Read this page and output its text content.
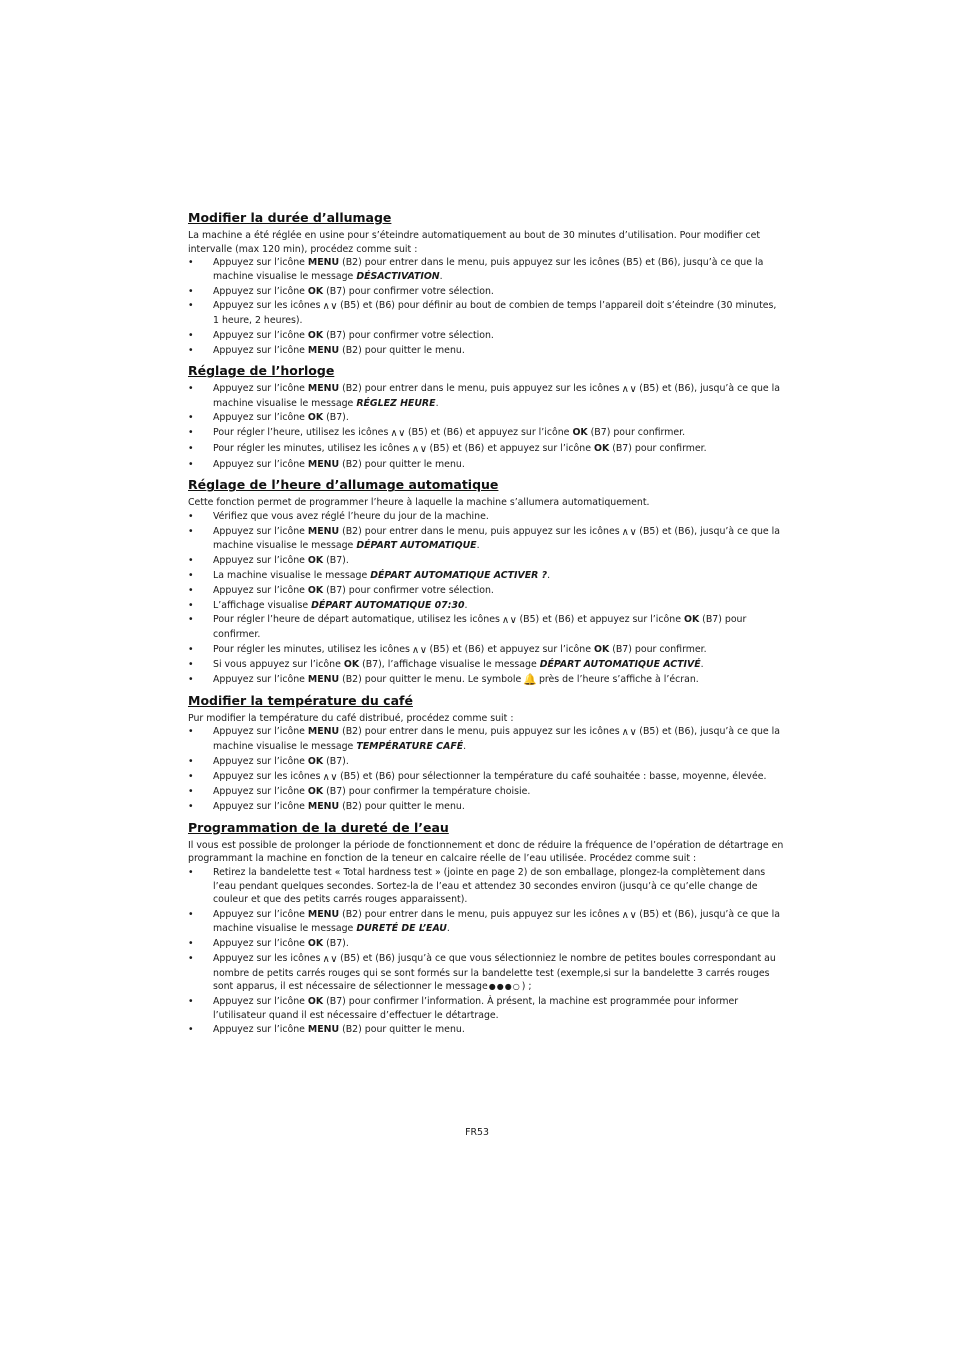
Modifier la durée d’allumage

La machine a été réglée en usine pour s’éteindre automatiquement au bout de 30 minutes d’utilisation. Pour modifier cet intervalle (max 120 min), procédez comme suit :

• Appuyez sur l’icône MENU (B2) pour entrer dans le menu, puis appuyez sur les icônes (B5) et (B6), jusqu’à ce que la machine visualise le message DÉSACTIVATION.
• Appuyez sur l’icône OK (B7) pour confirmer votre sélection.
• Appuyez sur les icônes ∧∨ (B5) et (B6) pour définir au bout de combien de temps l’appareil doit s’éteindre (30 minutes, 1 heure, 2 heures).
• Appuyez sur l’icône OK (B7) pour confirmer votre sélection.
• Appuyez sur l’icône MENU (B2) pour quitter le menu.
Réglage de l’horloge
• Appuyez sur l’icône MENU (B2) pour entrer dans le menu, puis appuyez sur les icônes ∧∨ (B5) et (B6), jusqu’à ce que la machine visualise le message RÉGLEZ HEURE.
• Appuyez sur l’icône OK (B7).
• Pour régler l’heure, utilisez les icônes ∧∨ (B5) et (B6) et appuyez sur l’icône OK (B7) pour confirmer.
• Pour régler les minutes, utilisez les icônes ∧∨ (B5) et (B6) et appuyez sur l’icône OK (B7) pour confirmer.
• Appuyez sur l’icône MENU (B2) pour quitter le menu.
Réglage de l’heure d’allumage automatique

Cette fonction permet de programmer l’heure à laquelle la machine s’allumera automatiquement.

• Vérifiez que vous avez réglé l’heure du jour de la machine.
• Appuyez sur l’icône MENU (B2) pour entrer dans le menu, puis appuyez sur les icônes ∧∨ (B5) et (B6), jusqu’à ce que la machine visualise le message DÉPART AUTOMATIQUE.
• Appuyez sur l’icône OK (B7).
• La machine visualise le message DÉPART AUTOMATIQUE ACTIVER ?.
• Appuyez sur l’icône OK (B7) pour confirmer votre sélection.
• L’affichage visualise DÉPART AUTOMATIQUE 07:30.
• Pour régler l’heure de départ automatique, utilisez les icônes ∧∨ (B5) et (B6) et appuyez sur l’icône OK (B7) pour confirmer.
• Pour régler les minutes, utilisez les icônes ∧∨ (B5) et (B6) et appuyez sur l’icône OK (B7) pour confirmer.
• Si vous appuyez sur l’icône OK (B7), l’affichage visualise le message DÉPART AUTOMATIQUE ACTIVÉ.
• Appuyez sur l’icône MENU (B2) pour quitter le menu. Le symbole 🔔 près de l’heure s’affiche à l’écran.
Modifier la température du café

Pur modifier la température du café distribué, procédez comme suit :

• Appuyez sur l’icône MENU (B2) pour entrer dans le menu, puis appuyez sur les icônes ∧∨ (B5) et (B6), jusqu’à ce que la machine visualise le message TEMPÉRATURE CAFÉ.
• Appuyez sur l’icône OK (B7).
• Appuyez sur les icônes ∧∨ (B5) et (B6) pour sélectionner la température du café souhaitée : basse, moyenne, élevée.
• Appuyez sur l’icône OK (B7) pour confirmer la température choisie.
• Appuyez sur l’icône MENU (B2) pour quitter le menu.
Programmation de la dureté de l’eau

Il vous est possible de prolonger la période de fonctionnement et donc de réduire la fréquence de l’opération de détartrage en programmant la machine en fonction de la teneur en calcaire réelle de l’eau utilisée. Procédez comme suit :

• Retirez la bandelette test « Total hardness test » (jointe en page 2) de son emballage, plongez-la complètement dans l’eau pendant quelques secondes. Sortez-la de l’eau et attendez 30 secondes environ (jusqu’à ce qu’elle change de couleur et que des petits carrés rouges apparaissent).
• Appuyez sur l’icône MENU (B2) pour entrer dans le menu, puis appuyez sur les icônes ∧∨ (B5) et (B6), jusqu’à ce que la machine visualise le message DURETÉ DE L’EAU.
• Appuyez sur l’icône OK (B7).
• Appuyez sur les icônes ∧∨ (B5) et (B6) jusqu’à ce que vous sélectionniez le nombre de petites boules correspondant au nombre de petits carrés rouges qui se sont formés sur la bandelette test (exemple,si sur la bandelette 3 carrés rouges sont apparus, il est nécessaire de sélectionner le message●●●○) ;
• Appuyez sur l’icône OK (B7) pour confirmer l’information. À présent, la machine est programmée pour informer l’utilisateur quand il est nécessaire d’effectuer le détartrage.
• Appuyez sur l’icône MENU (B2) pour quitter le menu.
FR53
